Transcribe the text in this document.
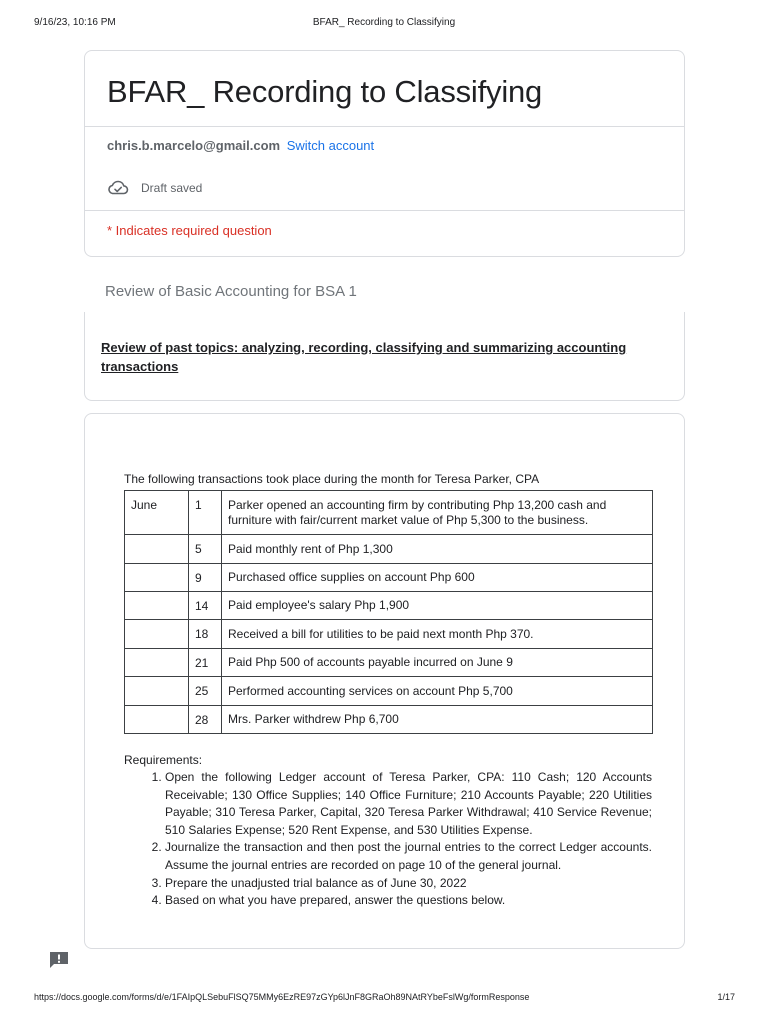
9/16/23, 10:16 PM	BFAR_ Recording to Classifying
BFAR_ Recording to Classifying
chris.b.marcelo@gmail.com Switch account
Draft saved
* Indicates required question
Review of Basic Accounting for BSA 1
Review of past topics: analyzing, recording, classifying and summarizing accounting transactions
The following transactions took place during the month for Teresa Parker, CPA
June	1	Parker opened an accounting firm by contributing Php 13,200 cash and furniture with fair/current market value of Php 5,300 to the business.
	5	Paid monthly rent of Php 1,300
	9	Purchased office supplies on account Php 600
	14	Paid employee's salary Php 1,900
	18	Received a bill for utilities to be paid next month Php 370.
	21	Paid Php 500 of accounts payable incurred on June 9
	25	Performed accounting services on account Php 5,700
	28	Mrs. Parker withdrew Php 6,700
Requirements:
1. Open the following Ledger account of Teresa Parker, CPA: 110 Cash; 120 Accounts Receivable; 130 Office Supplies; 140 Office Furniture; 210 Accounts Payable; 220 Utilities Payable; 310 Teresa Parker, Capital, 320 Teresa Parker Withdrawal; 410 Service Revenue; 510 Salaries Expense; 520 Rent Expense, and 530 Utilities Expense.
2. Journalize the transaction and then post the journal entries to the correct Ledger accounts. Assume the journal entries are recorded on page 10 of the general journal.
3. Prepare the unadjusted trial balance as of June 30, 2022
4. Based on what you have prepared, answer the questions below.
https://docs.google.com/forms/d/e/1FAIpQLSebuFlSQ75MMy6EzRE97zGYp6lJnF8GRaOh89NAtRYbeFslWg/formResponse	1/17
